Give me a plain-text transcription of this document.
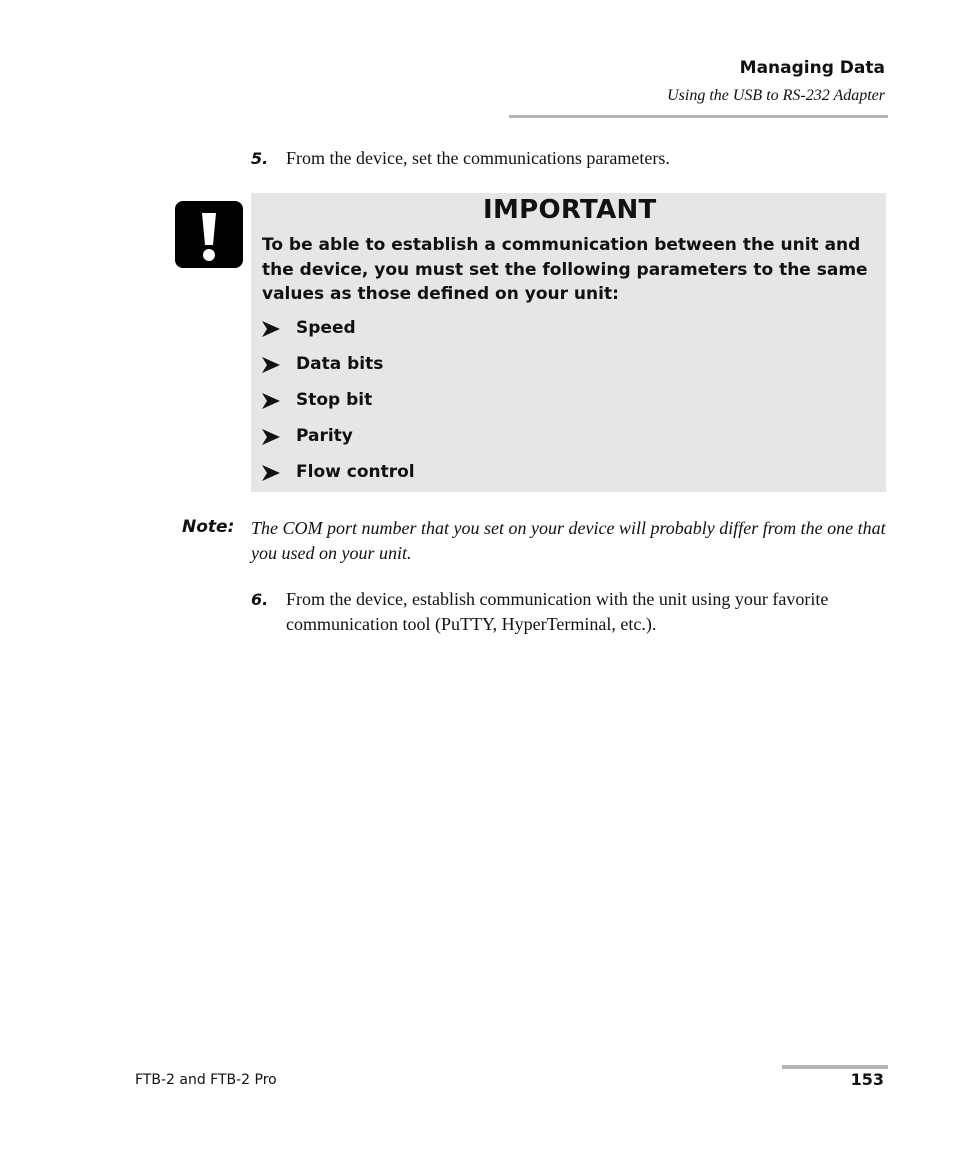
Managing Data
Using the USB to RS-232 Adapter
5. From the device, set the communications parameters.
IMPORTANT
To be able to establish a communication between the unit and the device, you must set the following parameters to the same values as those defined on your unit:
Speed
Data bits
Stop bit
Parity
Flow control
Note: The COM port number that you set on your device will probably differ from the one that you used on your unit.
6. From the device, establish communication with the unit using your favorite communication tool (PuTTY, HyperTerminal, etc.).
FTB-2 and FTB-2 Pro	153
